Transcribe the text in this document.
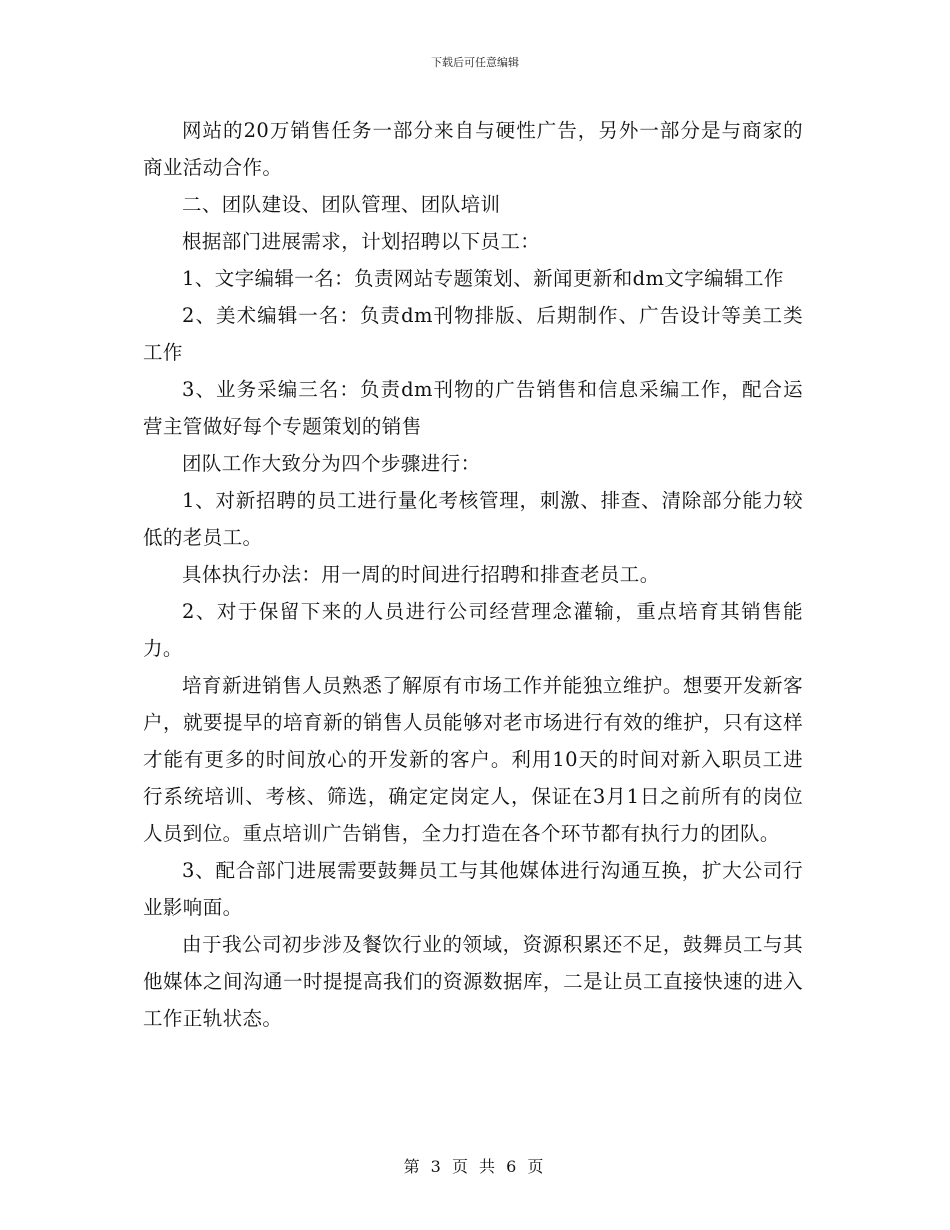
下载后可任意编辑

网站的20万销售任务一部分来自与硬性广告，另外一部分是与商家的商业活动合作。

二、团队建设、团队管理、团队培训

根据部门进展需求，计划招聘以下员工：

1、文字编辑一名：负责网站专题策划、新闻更新和dm文字编辑工作

2、美术编辑一名：负责dm刊物排版、后期制作、广告设计等美工类工作

3、业务采编三名：负责dm刊物的广告销售和信息采编工作，配合运营主管做好每个专题策划的销售

团队工作大致分为四个步骤进行：

1、对新招聘的员工进行量化考核管理，刺激、排查、清除部分能力较低的老员工。

具体执行办法：用一周的时间进行招聘和排查老员工。

2、对于保留下来的人员进行公司经营理念灌输，重点培育其销售能力。

培育新进销售人员熟悉了解原有市场工作并能独立维护。想要开发新客户，就要提早的培育新的销售人员能够对老市场进行有效的维护，只有这样才能有更多的时间放心的开发新的客户。利用10天的时间对新入职员工进行系统培训、考核、筛选，确定定岗定人，保证在3月1日之前所有的岗位人员到位。重点培训广告销售，全力打造在各个环节都有执行力的团队。

3、配合部门进展需要鼓舞员工与其他媒体进行沟通互换，扩大公司行业影响面。

由于我公司初步涉及餐饮行业的领域，资源积累还不足，鼓舞员工与其他媒体之间沟通一时提提高我们的资源数据库，二是让员工直接快速的进入工作正轨状态。

第 3 页 共 6 页
